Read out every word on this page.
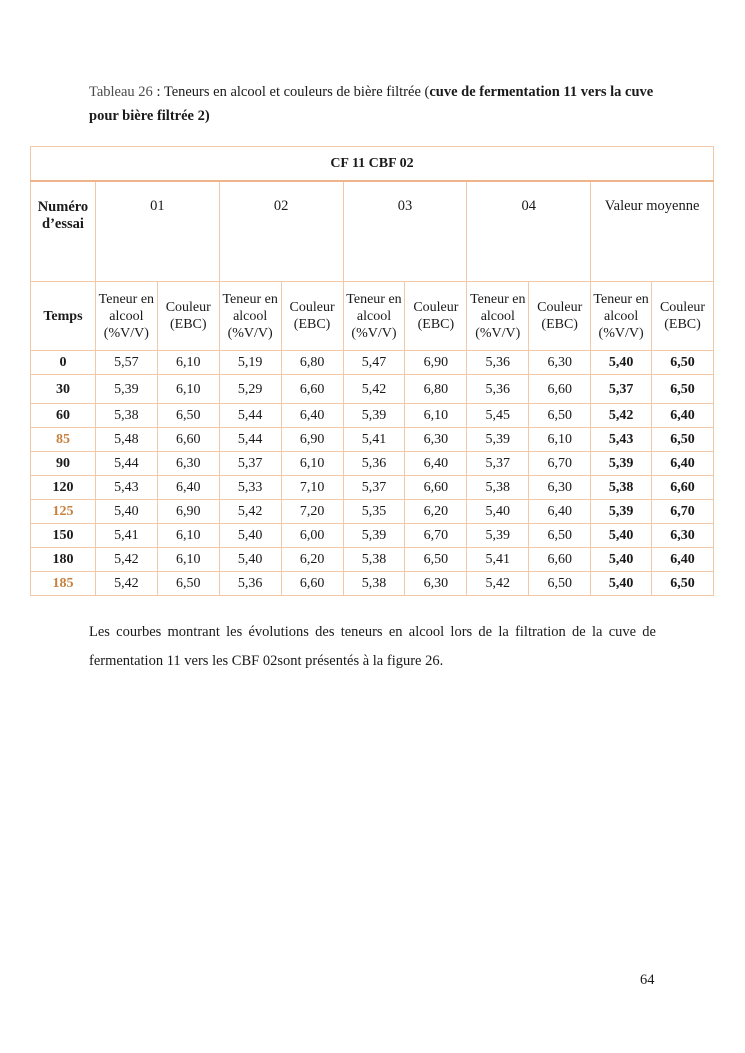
Tableau 26 : Teneurs en alcool et couleurs de bière filtrée (cuve de fermentation 11 vers la cuve pour bière filtrée 2)
CF 11 CBF 02										
Numéro d’essai	01		02		03		04		Valeur moyenne	
Temps	Teneur en alcool (%V/V)	Couleur (EBC)	Teneur en alcool (%V/V)	Couleur (EBC)	Teneur en alcool (%V/V)	Couleur (EBC)	Teneur en alcool (%V/V)	Couleur (EBC)	Teneur en alcool (%V/V)	Couleur (EBC)
0	5,57	6,10	5,19	6,80	5,47	6,90	5,36	6,30	5,40	6,50
30	5,39	6,10	5,29	6,60	5,42	6,80	5,36	6,60	5,37	6,50
60	5,38	6,50	5,44	6,40	5,39	6,10	5,45	6,50	5,42	6,40
85	5,48	6,60	5,44	6,90	5,41	6,30	5,39	6,10	5,43	6,50
90	5,44	6,30	5,37	6,10	5,36	6,40	5,37	6,70	5,39	6,40
120	5,43	6,40	5,33	7,10	5,37	6,60	5,38	6,30	5,38	6,60
125	5,40	6,90	5,42	7,20	5,35	6,20	5,40	6,40	5,39	6,70
150	5,41	6,10	5,40	6,00	5,39	6,70	5,39	6,50	5,40	6,30
180	5,42	6,10	5,40	6,20	5,38	6,50	5,41	6,60	5,40	6,40
185	5,42	6,50	5,36	6,60	5,38	6,30	5,42	6,50	5,40	6,50
Les courbes montrant les évolutions des teneurs en alcool lors de la filtration de la cuve de fermentation 11 vers les CBF 02sont présentés à la figure 26.
64
